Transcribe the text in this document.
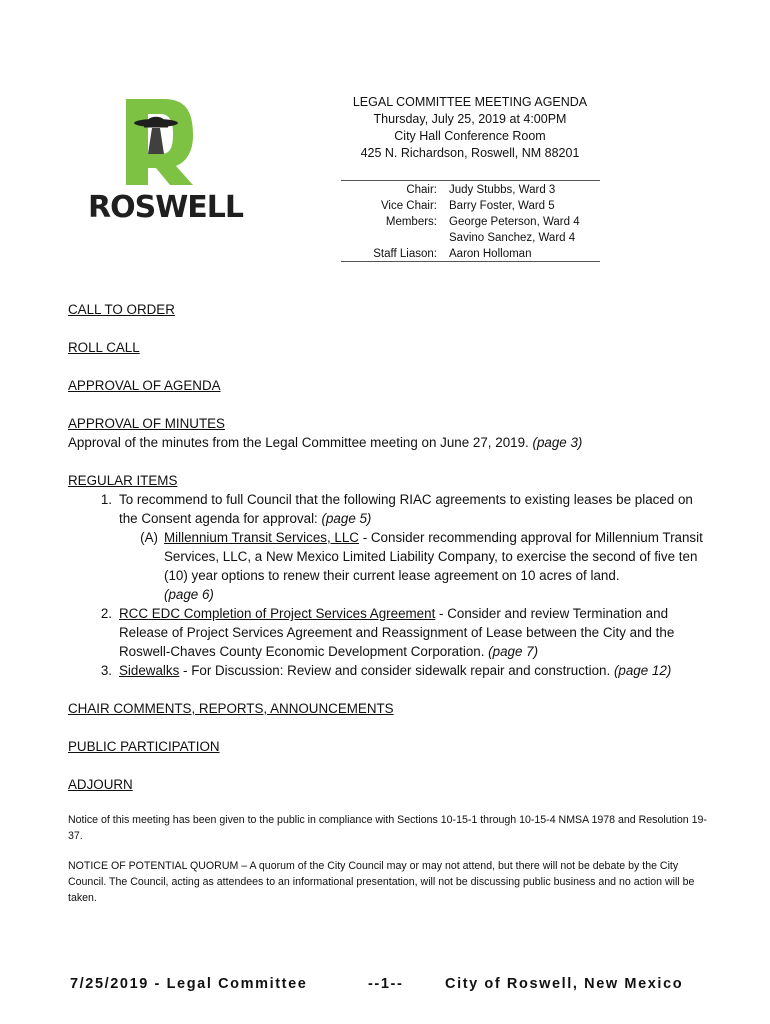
ROSWELL
LEGAL COMMITTEE MEETING AGENDA
Thursday, July 25, 2019 at 4:00PM
City Hall Conference Room
425 N. Richardson, Roswell, NM 88201
Chair:	Judy Stubbs, Ward 3
Vice Chair:	Barry Foster, Ward 5
Members:	George Peterson, Ward 4
Savino Sanchez, Ward 4
Staff Liason:	Aaron Holloman

CALL TO ORDER

ROLL CALL

APPROVAL OF AGENDA

APPROVAL OF MINUTES

Approval of the minutes from the Legal Committee meeting on June 27, 2019. (page 3)

REGULAR ITEMS

1. To recommend to full Council that the following RIAC agreements to existing leases be placed on the Consent agenda for approval: (page 5)
(A) Millennium Transit Services, LLC - Consider recommending approval for Millennium Transit Services, LLC, a New Mexico Limited Liability Company, to exercise the second of five ten (10) year options to renew their current lease agreement on 10 acres of land.
(page 6)
2. RCC EDC Completion of Project Services Agreement - Consider and review Termination and Release of Project Services Agreement and Reassignment of Lease between the City and the Roswell-Chaves County Economic Development Corporation. (page 7)
3. Sidewalks - For Discussion: Review and consider sidewalk repair and construction. (page 12)

CHAIR COMMENTS, REPORTS, ANNOUNCEMENTS

PUBLIC PARTICIPATION

ADJOURN

Notice of this meeting has been given to the public in compliance with Sections 10-15-1 through 10-15-4 NMSA 1978 and Resolution 19-37.
NOTICE OF POTENTIAL QUORUM – A quorum of the City Council may or may not attend, but there will not be debate by the City Council. The Council, acting as attendees to an informational presentation, will not be discussing public business and no action will be taken.
7/25/2019 - Legal Committee	--1--	City of Roswell, New Mexico
